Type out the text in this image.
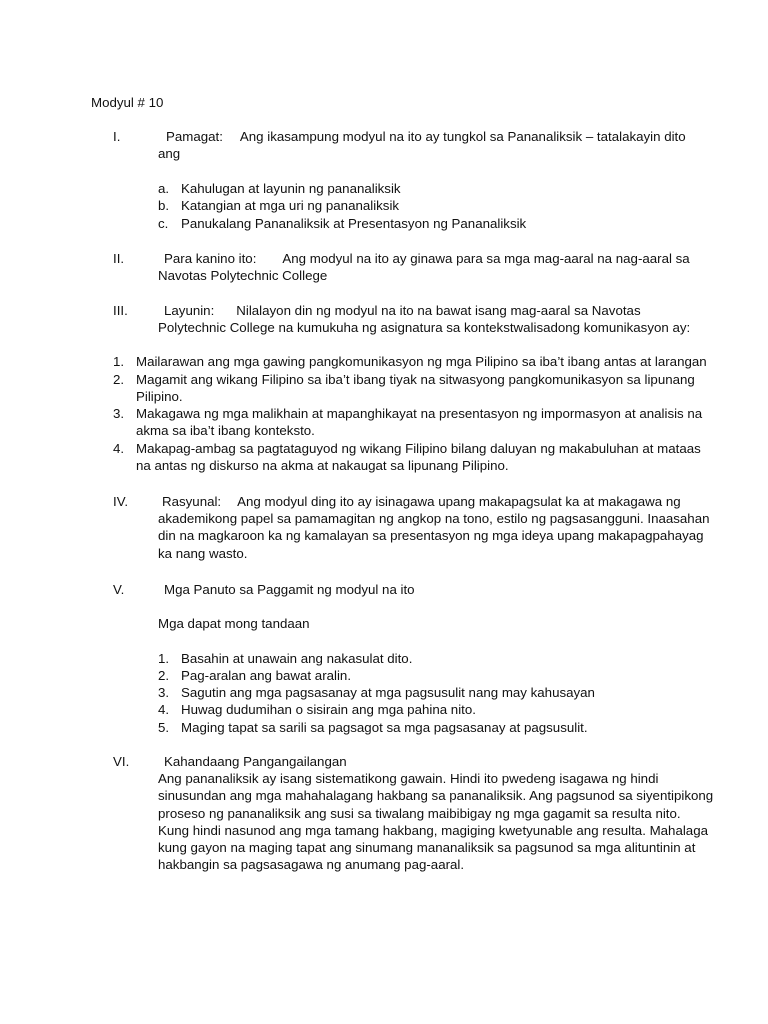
Modyul # 10
I.	Pamagat: Ang ikasampung modyul na ito ay tungkol sa Pananaliksik – tatalakayin dito
ang
a. Kahulugan at layunin ng pananaliksik
b. Katangian at mga uri ng pananaliksik
c. Panukalang Pananaliksik at Presentasyon ng Pananaliksik
II.	Para kanino ito: Ang modyul na ito ay ginawa para sa mga mag-aaral na nag-aaral sa
Navotas Polytechnic College
III.	Layunin: Nilalayon din ng modyul na ito na bawat isang mag-aaral sa Navotas
Polytechnic College na kumukuha ng asignatura sa kontekstwalisadong komunikasyon ay:
1. Mailarawan ang mga gawing pangkomunikasyon ng mga Pilipino sa iba’t ibang antas at larangan
2. Magamit ang wikang Filipino sa iba’t ibang tiyak na sitwasyong pangkomunikasyon sa lipunang
Pilipino.
3. Makagawa ng mga malikhain at mapanghikayat na presentasyon ng impormasyon at analisis na
akma sa iba’t ibang konteksto.
4. Makapag-ambag sa pagtataguyod ng wikang Filipino bilang daluyan ng makabuluhan at mataas
na antas ng diskurso na akma at nakaugat sa lipunang Pilipino.
IV.	Rasyunal: Ang modyul ding ito ay isinagawa upang makapagsulat ka at makagawa ng
akademikong papel sa pamamagitan ng angkop na tono, estilo ng pagsasangguni. Inaasahan
din na magkaroon ka ng kamalayan sa presentasyon ng mga ideya upang makapagpahayag
ka nang wasto.
V.	Mga Panuto sa Paggamit ng modyul na ito
Mga dapat mong tandaan
1. Basahin at unawain ang nakasulat dito.
2. Pag-aralan ang bawat aralin.
3. Sagutin ang mga pagsasanay at mga pagsusulit nang may kahusayan
4. Huwag dudumihan o sisirain ang mga pahina nito.
5. Maging tapat sa sarili sa pagsagot sa mga pagsasanay at pagsusulit.
VI.	Kahandaang Pangangailangan
Ang pananaliksik ay isang sistematikong gawain. Hindi ito pwedeng isagawa ng hindi
sinusundan ang mga mahahalagang hakbang sa pananaliksik. Ang pagsunod sa siyentipikong
proseso ng pananaliksik ang susi sa tiwalang maibibigay ng mga gagamit sa resulta nito.
Kung hindi nasunod ang mga tamang hakbang, magiging kwetyunable ang resulta. Mahalaga
kung gayon na maging tapat ang sinumang mananaliksik sa pagsunod sa mga alituntinin at
hakbangin sa pagsasagawa ng anumang pag-aaral.
